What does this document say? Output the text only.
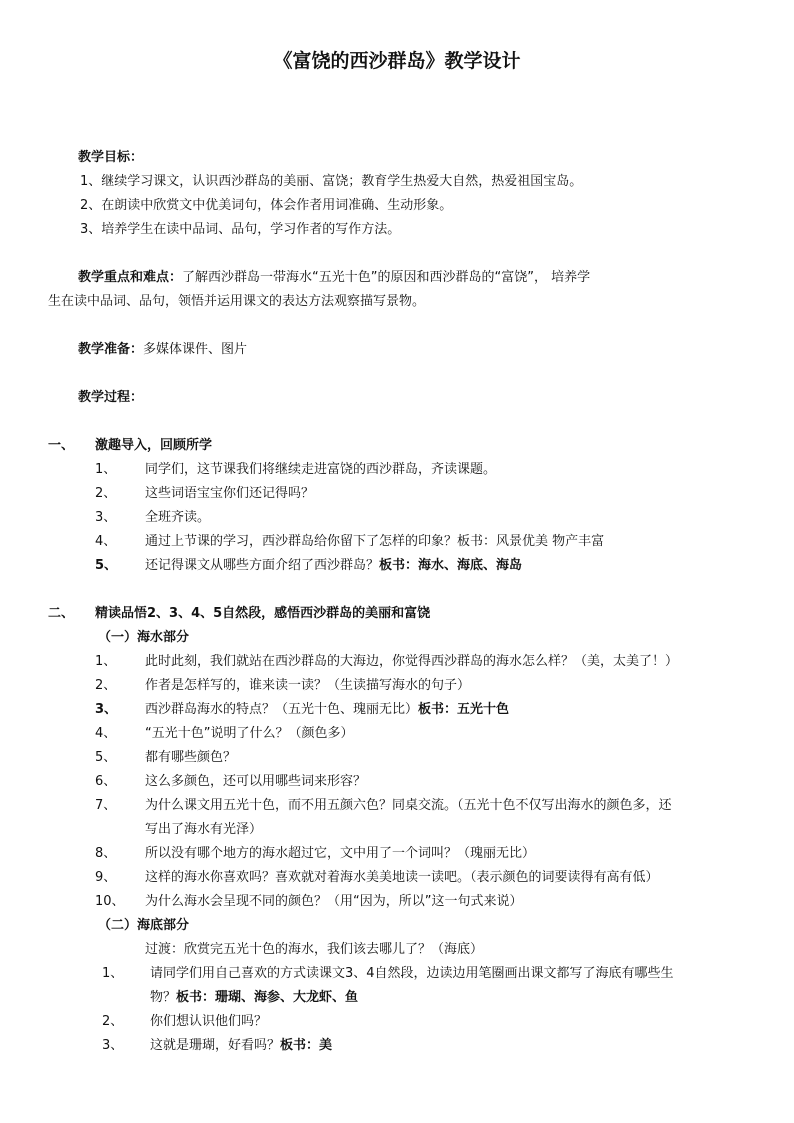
《富饶的西沙群岛》教学设计
教学目标：
1、继续学习课文，认识西沙群岛的美丽、富饶；教育学生热爱大自然，热爱祖国宝岛。
2、在朗读中欣赏文中优美词句，体会作者用词准确、生动形象。
3、培养学生在读中品词、品句，学习作者的写作方法。
教学重点和难点：了解西沙群岛一带海水“五光十色”的原因和西沙群岛的“富饶”， 培养学
生在读中品词、品句，领悟并运用课文的表达方法观察描写景物。
教学准备：多媒体课件、图片
教学过程：
一、 激趣导入，回顾所学
1、 同学们，这节课我们将继续走进富饶的西沙群岛，齐读课题。
2、 这些词语宝宝你们还记得吗？
3、 全班齐读。
4、 通过上节课的学习，西沙群岛给你留下了怎样的印象？板书：风景优美 物产丰富
5、 还记得课文从哪些方面介绍了西沙群岛？板书：海水、海底、海岛
二、 精读品悟2、3、4、5自然段，感悟西沙群岛的美丽和富饶
（一）海水部分
1、 此时此刻，我们就站在西沙群岛的大海边，你觉得西沙群岛的海水怎么样？（美，太美了！）
2、 作者是怎样写的，谁来读一读？（生读描写海水的句子）
3、 西沙群岛海水的特点？（五光十色、瑰丽无比）板书：五光十色
4、 “五光十色”说明了什么？（颜色多）
5、 都有哪些颜色？
6、 这么多颜色，还可以用哪些词来形容？
7、 为什么课文用五光十色，而不用五颜六色？同桌交流。（五光十色不仅写出海水的颜色多，还
写出了海水有光泽）
8、 所以没有哪个地方的海水超过它，文中用了一个词叫？（瑰丽无比）
9、 这样的海水你喜欢吗？喜欢就对着海水美美地读一读吧。（表示颜色的词要读得有高有低）
10、 为什么海水会呈现不同的颜色？（用“因为，所以”这一句式来说）
（二）海底部分
过渡：欣赏完五光十色的海水，我们该去哪儿了？（海底）
1、 请同学们用自己喜欢的方式读课文3、4自然段，边读边用笔圈画出课文都写了海底有哪些生
物？板书：珊瑚、海参、大龙虾、鱼
2、 你们想认识他们吗？
3、 这就是珊瑚，好看吗？板书：美
